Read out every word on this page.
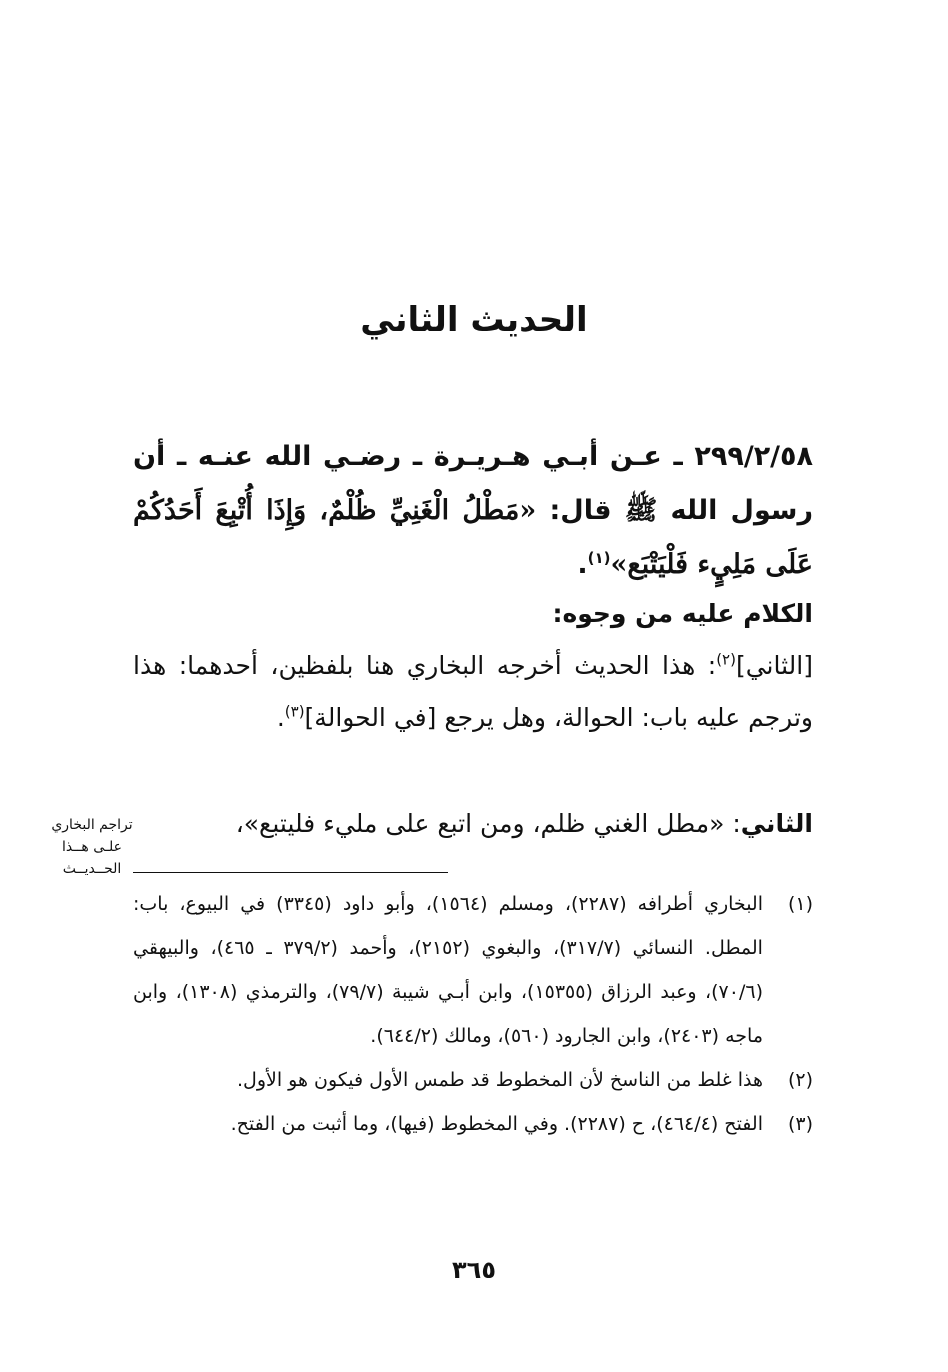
الحديث الثاني
٢٩٩/٢/٥٨ ـ عـن أبـي هـريـرة ـ رضـي الله عنـه ـ أن رسول الله ﷺ قال: «مَطْلُ الْغَنِيِّ ظُلْمٌ، وَإِذَا أُتْبِعَ أَحَدُكُمْ عَلَى مَلِيٍء فَلْيَتْبَع»$^{(١)}$.
الكلام عليه من وجوه:
[الثاني]$^{(٢)}$: هذا الحديث أخرجه البخاري هنا بلفظين، أحدهما: هذا وترجم عليه باب: الحوالة، وهل يرجع [في الحوالة]$^{(٣)}$.
الثاني: «مطل الغني ظلم، ومن اتبع على مليء فليتبع»،
تراجم البخاري
علـى هــذا
الحــديــث
(١)
البخاري أطرافه (٢٢٨٧)، ومسلم (١٥٦٤)، وأبو داود (٣٣٤٥) في البيوع، باب: المطل. النسائي (٣١٧/٧)، والبغوي (٢١٥٢)، وأحمد (٣٧٩/٢ ـ ٤٦٥)، والبيهقي (٧٠/٦)، وعبد الرزاق (١٥٣٥٥)، وابن أبـي شيبة (٧٩/٧)، والترمذي (١٣٠٨)، وابن ماجه (٢٤٠٣)، وابن الجارود (٥٦٠)، ومالك (٦٤٤/٢).
(٢)
هذا غلط من الناسخ لأن المخطوط قد طمس الأول فيكون هو الأول.
(٣)
الفتح (٤٦٤/٤)، ح (٢٢٨٧). وفي المخطوط (فيها)، وما أثبت من الفتح.
٣٦٥
